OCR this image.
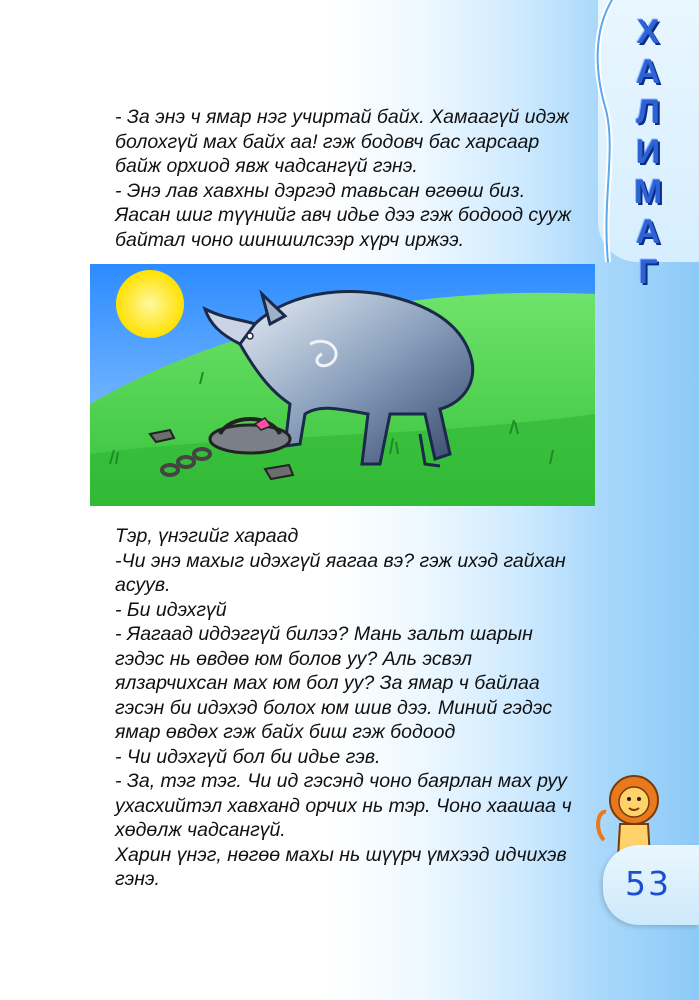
Х
А
Л
И
М
А
Г
- За энэ ч ямар нэг учиртай байх. Хамаагүй идэж
болохгүй мах байх аа! гэж бодовч бас харсаар
байж орхиод явж чадсангүй гэнэ.
- Энэ лав хавхны дэргэд тавьсан өгөөш биз.
Яасан шиг түүнийг авч идье дээ гэж бодоод сууж
байтал чоно шиншилсээр хүрч иржээ.
Тэр, үнэгийг хараад
-Чи энэ махыг идэхгүй яагаа вэ? гэж ихэд гайхан
асуув.
- Би идэхгүй
- Яагаад иддэггүй билээ? Мань зальт шарын
гэдэс нь өвдөө юм болов уу? Аль эсвэл
ялзарчихсан мах юм бол уу? За ямар ч байлаа
гэсэн би идэхэд болох юм шив дээ. Миний гэдэс
ямар өвдөх гэж байх биш гэж бодоод
- Чи идэхгүй бол би идье гэв.
- За, тэг тэг. Чи ид гэсэнд чоно баярлан мах руу
ухасхийтэл хавханд орчих нь тэр. Чоно хаашаа ч
хөдөлж чадсангүй.
Харин үнэг, нөгөө махы нь шүүрч үмхээд идчихэв
гэнэ.	53
